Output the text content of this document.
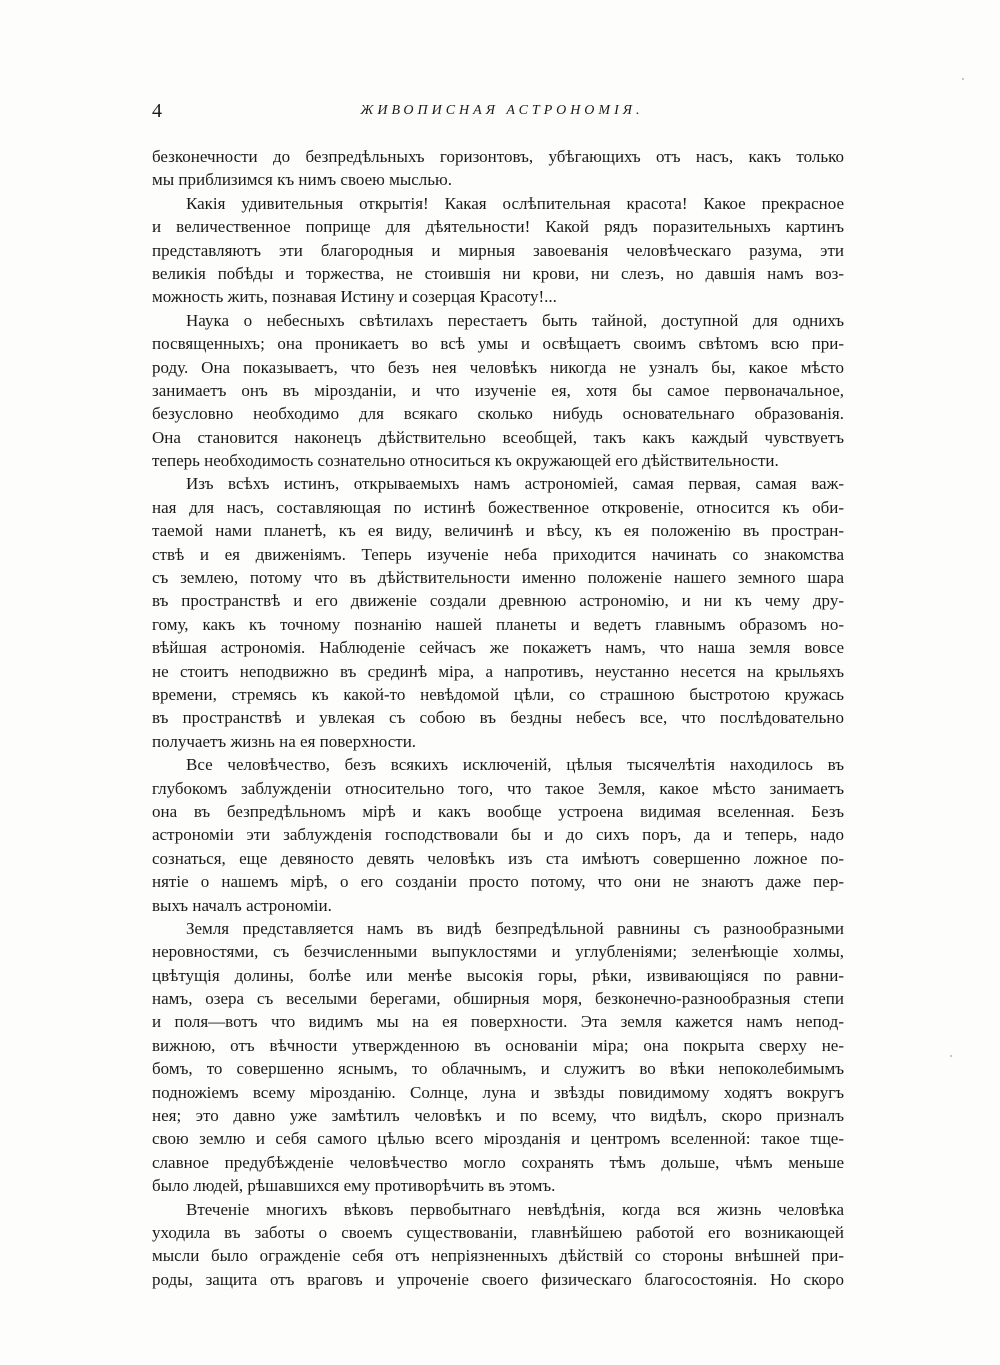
4	ЖИВОПИСНАЯ АСТРОНОМІЯ.
безконечности до безпредѣльныхъ горизонтовъ, убѣгающихъ отъ насъ, какъ только
мы приблизимся къ нимъ своею мыслью.
Какія удивительныя открытія! Какая ослѣпительная красота! Какое прекрасное
и величественное поприще для дѣятельности! Какой рядъ поразительныхъ картинъ
представляютъ эти благородныя и мирныя завоеванія человѣческаго разума, эти
великія побѣды и торжества, не стоившія ни крови, ни слезъ, но давшія намъ воз-
можность жить, познавая Истину и созерцая Красоту!...
Наука о небесныхъ свѣтилахъ перестаетъ быть тайной, доступной для однихъ
посвященныхъ; она проникаетъ во всѣ умы и освѣщаетъ своимъ свѣтомъ всю при-
роду. Она показываетъ, что безъ нея человѣкъ никогда не узналъ бы, какое мѣсто
занимаетъ онъ въ мірозданіи, и что изученіе ея, хотя бы самое первоначальное,
безусловно необходимо для всякаго сколько нибудь основательнаго образованія.
Она становится наконецъ дѣйствительно всеобщей, такъ какъ каждый чувствуетъ
теперь необходимость сознательно относиться къ окружающей его дѣйствительности.
Изъ всѣхъ истинъ, открываемыхъ намъ астрономіей, самая первая, самая важ-
ная для насъ, составляющая по истинѣ божественное откровеніе, относится къ оби-
таемой нами планетѣ, къ ея виду, величинѣ и вѣсу, къ ея положенію въ простран-
ствѣ и ея движеніямъ. Теперь изученіе неба приходится начинать со знакомства
съ землею, потому что въ дѣйствительности именно положеніе нашего земного шара
въ пространствѣ и его движеніе создали древнюю астрономію, и ни къ чему дру-
гому, какъ къ точному познанію нашей планеты и ведетъ главнымъ образомъ но-
вѣйшая астрономія. Наблюденіе сейчасъ же покажетъ намъ, что наша земля вовсе
не стоитъ неподвижно въ срединѣ міра, а напротивъ, неустанно несется на крыльяхъ
времени, стремясь къ какой-то невѣдомой цѣли, со страшною быстротою кружась
въ пространствѣ и увлекая съ собою въ бездны небесъ все, что послѣдовательно
получаетъ жизнь на ея поверхности.
Все человѣчество, безъ всякихъ исключеній, цѣлыя тысячелѣтія находилось въ
глубокомъ заблужденіи относительно того, что такое Земля, какое мѣсто занимаетъ
она въ безпредѣльномъ мірѣ и какъ вообще устроена видимая вселенная. Безъ
астрономіи эти заблужденія господствовали бы и до сихъ поръ, да и теперь, надо
сознаться, еще девяносто девять человѣкъ изъ ста имѣютъ совершенно ложное по-
нятіе о нашемъ мірѣ, о его созданіи просто потому, что они не знаютъ даже пер-
выхъ началъ астрономіи.
Земля представляется намъ въ видѣ безпредѣльной равнины съ разнообразными
неровностями, съ безчисленными выпуклостями и углубленіями; зеленѣющіе холмы,
цвѣтущія долины, болѣе или менѣе высокія горы, рѣки, извивающіяся по равни-
намъ, озера съ веселыми берегами, обширныя моря, безконечно-разнообразныя степи
и поля—вотъ что видимъ мы на ея поверхности. Эта земля кажется намъ непод-
вижною, отъ вѣчности утвержденною въ основаніи міра; она покрыта сверху не-
бомъ, то совершенно яснымъ, то облачнымъ, и служитъ во вѣки непоколебимымъ
подножіемъ всему мірозданію. Солнце, луна и звѣзды повидимому ходятъ вокругъ
нея; это давно уже замѣтилъ человѣкъ и по всему, что видѣлъ, скоро призналъ
свою землю и себя самого цѣлью всего мірозданія и центромъ вселенной: такое тще-
славное предубѣжденіе человѣчество могло сохранять тѣмъ дольше, чѣмъ меньше
было людей, рѣшавшихся ему противорѣчить въ этомъ.
Втеченіе многихъ вѣковъ первобытнаго невѣдѣнія, когда вся жизнь человѣка
уходила въ заботы о своемъ существованіи, главнѣйшею работой его возникающей
мысли было огражденіе себя отъ непріязненныхъ дѣйствій со стороны внѣшней при-
роды, защита отъ враговъ и упроченіе своего физическаго благосостоянія. Но скоро
